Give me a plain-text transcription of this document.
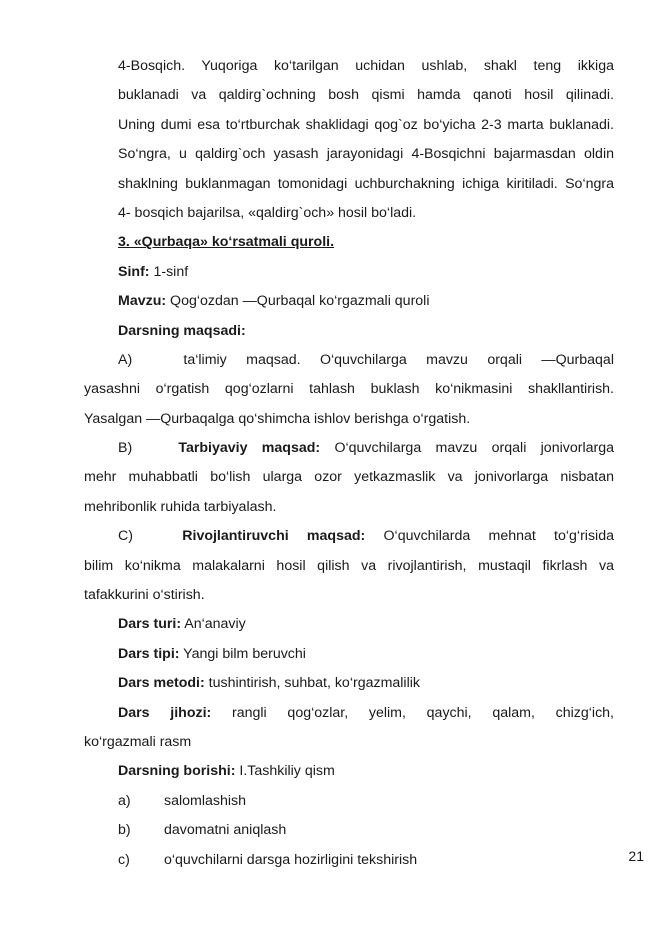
4-Bosqich. Yuqoriga ko‘tarilgan uchidan ushlab, shakl teng ikkiga
buklanadi va qaldirg`ochning bosh qismi hamda qanoti hosil qilinadi.
Uning dumi esa to‘rtburchak shaklidagi qog`oz bo‘yicha 2-3 marta buklanadi.
So‘ngra, u qaldirg`och yasash jarayonidagi 4-Bosqichni bajarmasdan oldin
shaklning buklanmagan tomonidagi uchburchakning ichiga kiritiladi. So‘ngra
4- bosqich bajarilsa, «qaldirg`och» hosil bo‘ladi.
3. «Qurbaqa» ko‘rsatmali quroli.
Sinf: 1-sinf
Mavzu: Qog‘ozdan —Qurbaqal ko‘rgazmali quroli
Darsning maqsadi:
A)	ta‘limiy maqsad. O‘quvchilarga mavzu orqali —Qurbaqal
yasashni o‘rgatish qog‘ozlarni tahlash buklash ko‘nikmasini shakllantirish.
Yasalgan —Qurbaqalga qo‘shimcha ishlov berishga o‘rgatish.
B)	Tarbiyaviy maqsad: O‘quvchilarga mavzu orqali jonivorlarga
mehr muhabbatli bo‘lish ularga ozor yetkazmaslik va jonivorlarga nisbatan
mehribonlik ruhida tarbiyalash.
C)	Rivojlantiruvchi maqsad: O‘quvchilarda mehnat to‘g‘risida
bilim ko‘nikma malakalarni hosil qilish va rivojlantirish, mustaqil fikrlash va
tafakkurini o‘stirish.
Dars turi: An‘anaviy
Dars tipi: Yangi bilm beruvchi
Dars metodi: tushintirish, suhbat, ko‘rgazmalilik
Dars jihozi: rangli qog‘ozlar, yelim, qaychi, qalam, chizg‘ich,
ko‘rgazmali rasm
Darsning borishi: I.Tashkiliy qism
a) salomlashish
b) davomatni aniqlash
c) o‘quvchilarni darsga hozirligini tekshirish	21
